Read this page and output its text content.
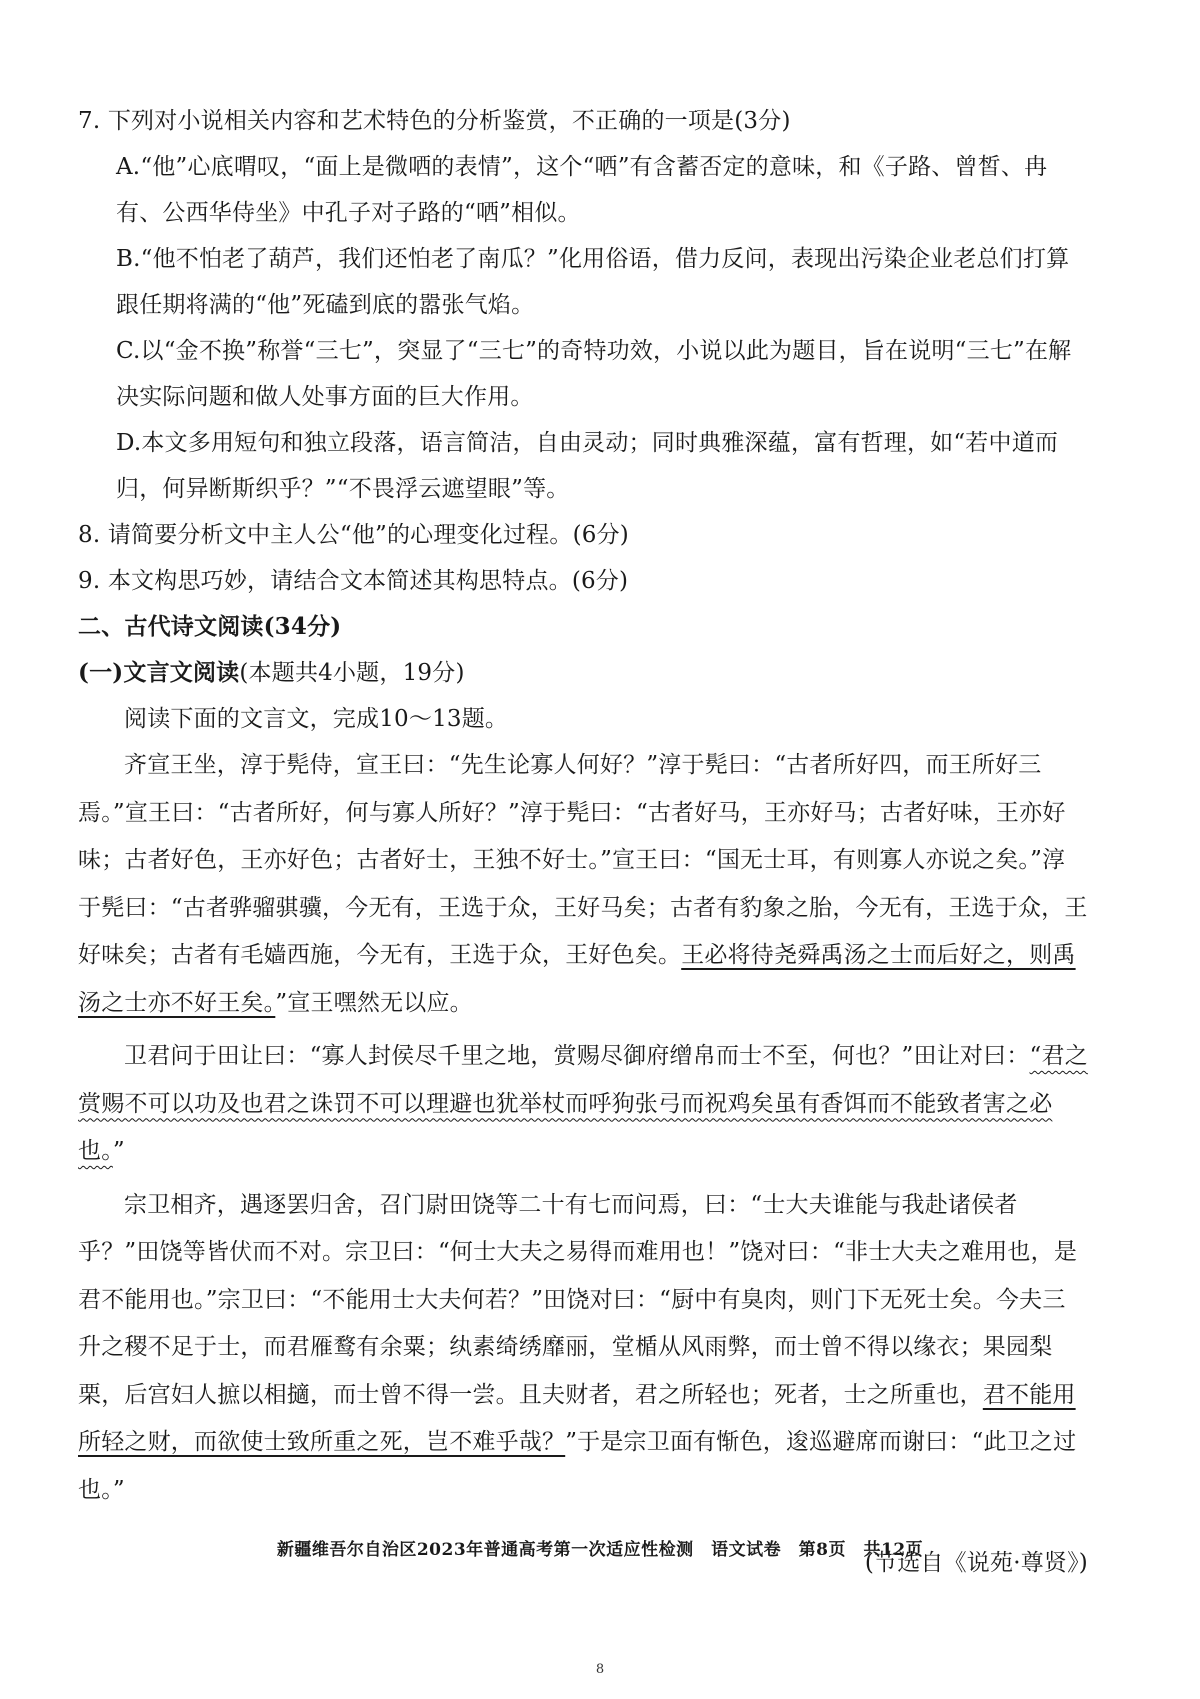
7. 下列对小说相关内容和艺术特色的分析鉴赏，不正确的一项是(3分)

A.“他”心底喟叹，“面上是微哂的表情”，这个“哂”有含蓄否定的意味，和《子路、曾皙、冉有、公西华侍坐》中孔子对子路的“哂”相似。

B.“他不怕老了葫芦，我们还怕老了南瓜？”化用俗语，借力反问，表现出污染企业老总们打算跟任期将满的“他”死磕到底的嚣张气焰。

C.以“金不换”称誉“三七”，突显了“三七”的奇特功效，小说以此为题目，旨在说明“三七”在解决实际问题和做人处事方面的巨大作用。

D.本文多用短句和独立段落，语言简洁，自由灵动；同时典雅深蕴，富有哲理，如“若中道而归，何异断斯织乎？”“不畏浮云遮望眼”等。

8. 请简要分析文中主人公“他”的心理变化过程。(6分)

9. 本文构思巧妙，请结合文本简述其构思特点。(6分)

二、古代诗文阅读(34分)

(一)文言文阅读(本题共4小题，19分)

阅读下面的文言文，完成10～13题。

齐宣王坐，淳于髡侍，宣王曰：“先生论寡人何好？”淳于髡曰：“古者所好四，而王所好三焉。”宣王曰：“古者所好，何与寡人所好？”淳于髡曰：“古者好马，王亦好马；古者好味，王亦好味；古者好色，王亦好色；古者好士，王独不好士。”宣王曰：“国无士耳，有则寡人亦说之矣。”淳于髡曰：“古者骅骝骐骥，今无有，王选于众，王好马矣；古者有豹象之胎，今无有，王选于众，王好味矣；古者有毛嫱西施，今无有，王选于众，王好色矣。王必将待尧舜禹汤之士而后好之，则禹汤之士亦不好王矣。”宣王嘿然无以应。

卫君问于田让曰：“寡人封侯尽千里之地，赏赐尽御府缯帛而士不至，何也？”田让对曰：“君之赏赐不可以功及也君之诛罚不可以理避也犹举杖而呼狗张弓而祝鸡矣虽有香饵而不能致者害之必也。”

宗卫相齐，遇逐罢归舍，召门尉田饶等二十有七而问焉，曰：“士大夫谁能与我赴诸侯者乎？”田饶等皆伏而不对。宗卫曰：“何士大夫之易得而难用也！”饶对曰：“非士大夫之难用也，是君不能用也。”宗卫曰：“不能用士大夫何若？”田饶对曰：“厨中有臭肉，则门下无死士矣。今夫三升之稷不足于士，而君雁鹜有余粟；纨素绮绣靡丽，堂楯从风雨弊，而士曾不得以缘衣；果园梨栗，后宫妇人摭以相擿，而士曾不得一尝。且夫财者，君之所轻也；死者，士之所重也，君不能用所轻之财，而欲使士致所重之死，岂不难乎哉？”于是宗卫面有惭色，逡巡避席而谢曰：“此卫之过也。”

(节选自《说苑·尊贤》)

新疆维吾尔自治区2023年普通高考第一次适应性检测　语文试卷　第8页　共12页
8
